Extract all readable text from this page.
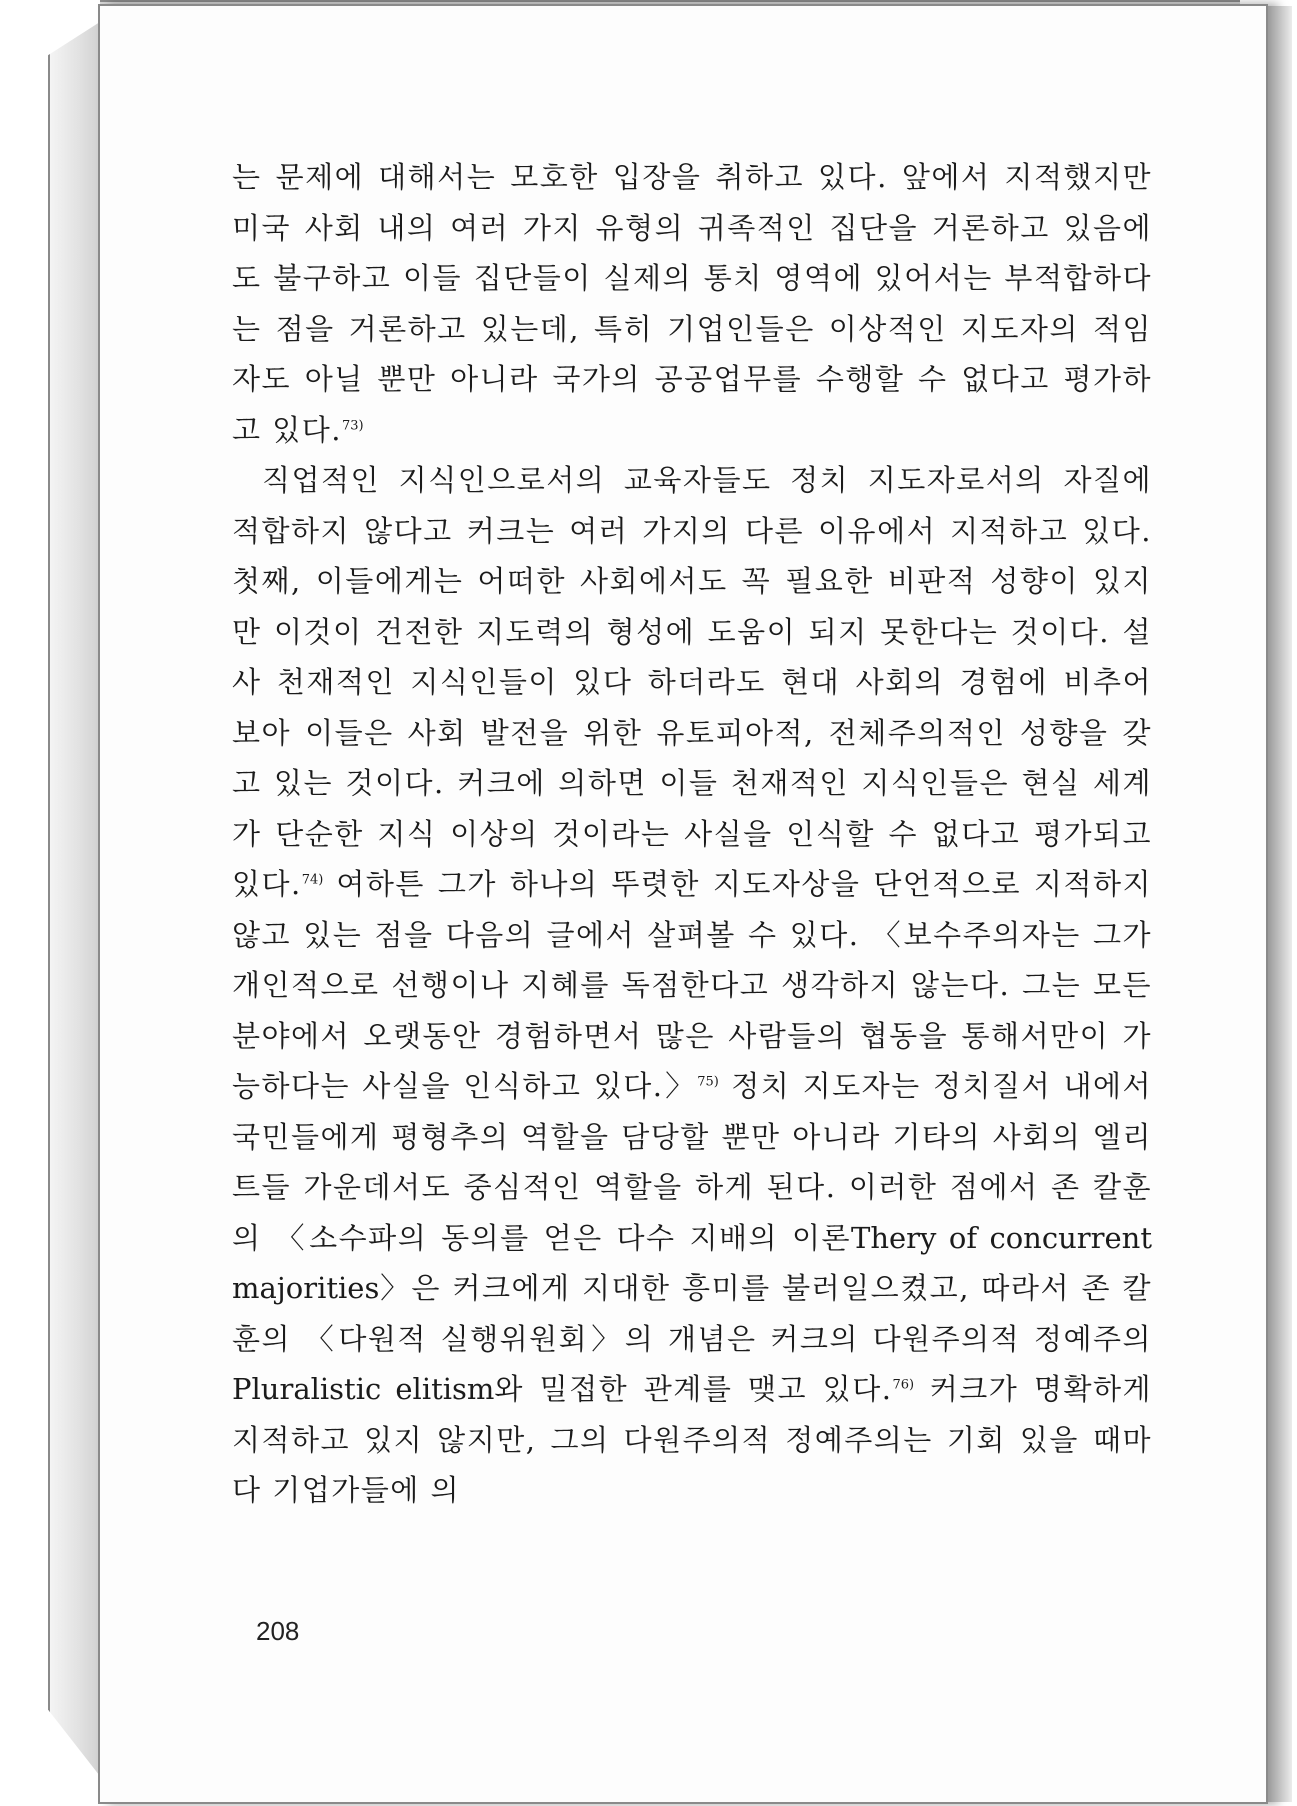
는 문제에 대해서는 모호한 입장을 취하고 있다. 앞에서 지적했지만 미국 사회 내의 여러 가지 유형의 귀족적인 집단을 거론하고 있음에도 불구하고 이들 집단들이 실제의 통치 영역에 있어서는 부적합하다는 점을 거론하고 있는데, 특히 기업인들은 이상적인 지도자의 적임자도 아닐 뿐만 아니라 국가의 공공업무를 수행할 수 없다고 평가하고 있다.$^{73)}$

직업적인 지식인으로서의 교육자들도 정치 지도자로서의 자질에 적합하지 않다고 커크는 여러 가지의 다른 이유에서 지적하고 있다. 첫째, 이들에게는 어떠한 사회에서도 꼭 필요한 비판적 성향이 있지만 이것이 건전한 지도력의 형성에 도움이 되지 못한다는 것이다. 설사 천재적인 지식인들이 있다 하더라도 현대 사회의 경험에 비추어 보아 이들은 사회 발전을 위한 유토피아적, 전체주의적인 성향을 갖고 있는 것이다. 커크에 의하면 이들 천재적인 지식인들은 현실 세계가 단순한 지식 이상의 것이라는 사실을 인식할 수 없다고 평가되고 있다.$^{74)}$ 여하튼 그가 하나의 뚜렷한 지도자상을 단언적으로 지적하지 않고 있는 점을 다음의 글에서 살펴볼 수 있다. 〈보수주의자는 그가 개인적으로 선행이나 지혜를 독점한다고 생각하지 않는다. 그는 모든 분야에서 오랫동안 경험하면서 많은 사람들의 협동을 통해서만이 가능하다는 사실을 인식하고 있다.〉$^{75)}$ 정치 지도자는 정치질서 내에서 국민들에게 평형추의 역할을 담당할 뿐만 아니라 기타의 사회의 엘리트들 가운데서도 중심적인 역할을 하게 된다. 이러한 점에서 존 칼훈의 〈소수파의 동의를 얻은 다수 지배의 이론Thery of concurrent majorities〉은 커크에게 지대한 흥미를 불러일으켰고, 따라서 존 칼훈의 〈다원적 실행위원회〉의 개념은 커크의 다원주의적 정예주의Pluralistic elitism와 밀접한 관계를 맺고 있다.$^{76)}$ 커크가 명확하게 지적하고 있지 않지만, 그의 다원주의적 정예주의는 기회 있을 때마다 기업가들에 의

208
